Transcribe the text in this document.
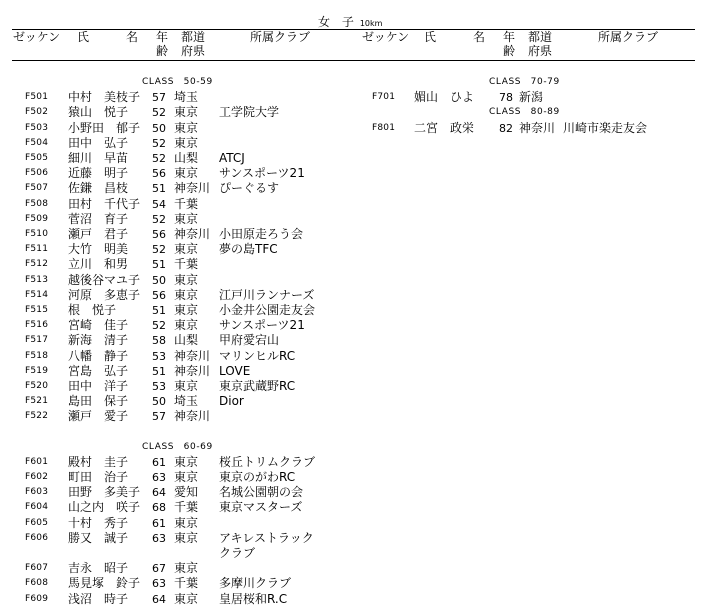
女 子 10km
ゼッケン 氏	名 年
齢
都道
府県
所属クラブ	ゼッケン 氏	名 年
齢
都道
府県
所属クラブ
CLASS　50-59
F501 中村　美枝子 57 埼玉
F502 猿山　悦子 52 東京 工学院大学
F503 小野田　郁子 50 東京
F504 田中　弘子 52 東京
F505 細川　早苗 52 山梨 ATCJ
F506 近藤　明子 56 東京 サンスポーツ21
F507 佐鎌　昌枝 51 神奈川 ぴーぐるす
F508 田村　千代子 54 千葉
F509 菅沼　育子 52 東京
F510 瀬戸　君子 56 神奈川 小田原走ろう会
F511 大竹　明美 52 東京 夢の島TFC
F512 立川　和男 51 千葉
F513 越後谷マユ子 50 東京
F514 河原　多恵子 56 東京 江戸川ランナーズ
F515 根　悦子	51 東京 小金井公園走友会
F516 宮崎　佳子 52 東京 サンスポーツ21
F517 新海　清子 58 山梨 甲府愛宕山
F518 八幡　静子 53 神奈川 マリンヒルRC
F519 宮島　弘子 51 神奈川 LOVE
F520 田中　洋子 53 東京 東京武蔵野RC
F521 島田　保子 50 埼玉 Dior
F522 瀬戸　愛子 57 神奈川
CLASS　60-69
F601 殿村　圭子 61 東京 桜丘トリムクラブ
F602 町田　治子 63 東京 東京のがわRC
F603 田野　多美子 64 愛知 名城公園朝の会
F604 山之内　咲子 68 千葉 東京マスターズ
F605 十村　秀子 61 東京
F606 勝又　誠子 63 東京 アキレストラック
クラブ
F607 吉永　昭子 67 東京
F608 馬見塚　鈴子 63 千葉 多摩川クラブ
F609 浅沼　時子 64 東京 皇居桜和R.C
CLASS　70-79
F701 媚山　ひよ 78 新潟
CLASS　80-89
F801 二宮　政栄 82 神奈川 川崎市楽走友会
